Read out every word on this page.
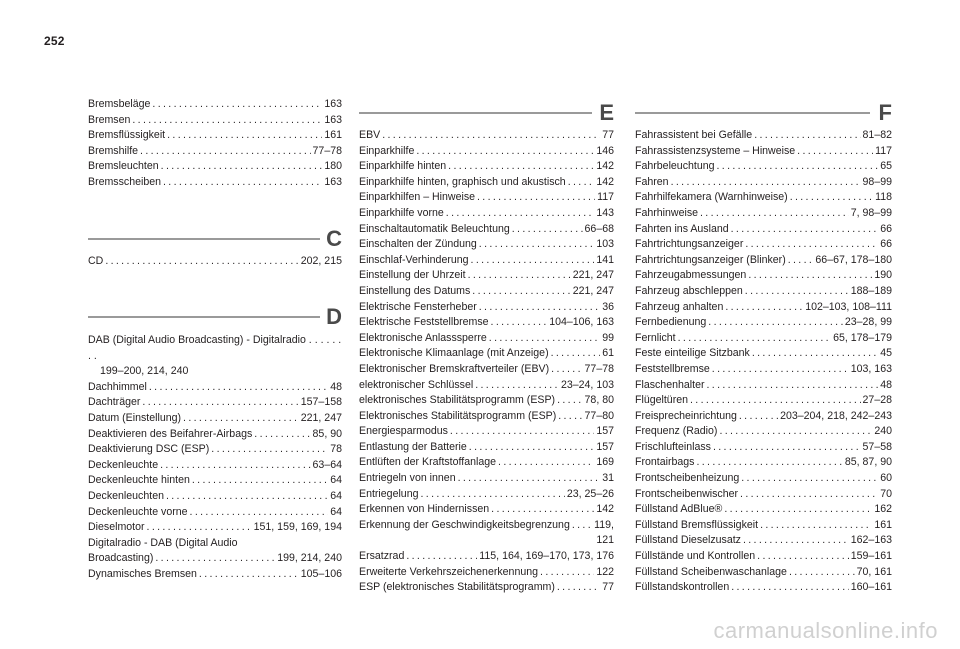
252
Bremsbeläge . . .	163
Bremsen . . .	163
Bremsflüssigkeit . . .	161
Bremshilfe . . .	77–78
Bremsleuchten . . .	180
Bremsscheiben . . .	163
C
CD . . .	202, 215
D
DAB (Digital Audio Broadcasting) - Digitalradio . . . . . . . .
199–200, 214, 240
Dachhimmel . . .	48
Dachträger . . .	157–158
Datum (Einstellung) . . .	221, 247
Deaktivieren des Beifahrer-Airbags . . .	85, 90
Deaktivierung DSC (ESP) . . .	78
Deckenleuchte . . .	63–64
Deckenleuchte hinten . . .	64
Deckenleuchten . . .	64
Deckenleuchte vorne . . .	64
Dieselmotor . . .	151, 159, 169, 194
Digitalradio - DAB (Digital Audio
Broadcasting) . . .	199, 214, 240
Dynamisches Bremsen . . .	105–106
E
EBV . . .	77
Einparkhilfe . . .	146
Einparkhilfe hinten . . .	142
Einparkhilfe hinten, graphisch und akustisch . . .	142
Einparkhilfen – Hinweise . . .	117
Einparkhilfe vorne . . .	143
Einschaltautomatik Beleuchtung . . .	66–68
Einschalten der Zündung . . .	103
Einschlaf-Verhinderung . . .	141
Einstellung der Uhrzeit . . .	221, 247
Einstellung des Datums . . .	221, 247
Elektrische Fensterheber . . .	36
Elektrische Feststellbremse . . .	104–106, 163
Elektronische Anlasssperre . . .	99
Elektronische Klimaanlage (mit Anzeige) . . .	61
Elektronischer Bremskraftverteiler (EBV) . . .	77–78
elektronischer Schlüssel . . .	23–24, 103
elektronisches Stabilitätsprogramm (ESP) . . .	78, 80
Elektronisches Stabilitätsprogramm (ESP) . . .	77–80
Energiesparmodus . . .	157
Entlastung der Batterie . . .	157
Entlüften der Kraftstoffanlage . . .	169
Entriegeln von innen . . .	31
Entriegelung . . .	23, 25–26
Erkennen von Hindernissen . . .	142
Erkennung der Geschwindigkeitsbegrenzung . . . 119,
121
Ersatzrad . . .	115, 164, 169–170, 173, 176
Erweiterte Verkehrszeichenerkennung . . .	122
ESP (elektronisches Stabilitätsprogramm) . . .	77
F
Fahrassistent bei Gefälle . . .	81–82
Fahrassistenzsysteme – Hinweise . . .	117
Fahrbeleuchtung . . .	65
Fahren . . .	98–99
Fahrhilfekamera (Warnhinweise) . . .	118
Fahrhinweise . . .	7, 98–99
Fahrten ins Ausland . . .	66
Fahrtrichtungsanzeiger . . .	66
Fahrtrichtungsanzeiger (Blinker) . . .	66–67, 178–180
Fahrzeugabmessungen . . .	190
Fahrzeug abschleppen . . .	188–189
Fahrzeug anhalten . . .	102–103, 108–111
Fernbedienung . . .	23–28, 99
Fernlicht . . .	65, 178–179
Feste einteilige Sitzbank . . .	45
Feststellbremse . . .	103, 163
Flaschenhalter . . .	48
Flügeltüren . . .	27–28
Freisprecheinrichtung . . .	203–204, 218, 242–243
Frequenz (Radio) . . .	240
Frischlufteinlass . . .	57–58
Frontairbags . . .	85, 87, 90
Frontscheibenheizung . . .	60
Frontscheibenwischer . . .	70
Füllstand AdBlue® . . .	162
Füllstand Bremsflüssigkeit . . .	161
Füllstand Dieselzusatz . . .	162–163
Füllstände und Kontrollen . . .	159–161
Füllstand Scheibenwaschanlage . . .	70, 161
Füllstandskontrollen . . .	160–161
carmanualsonline.info
